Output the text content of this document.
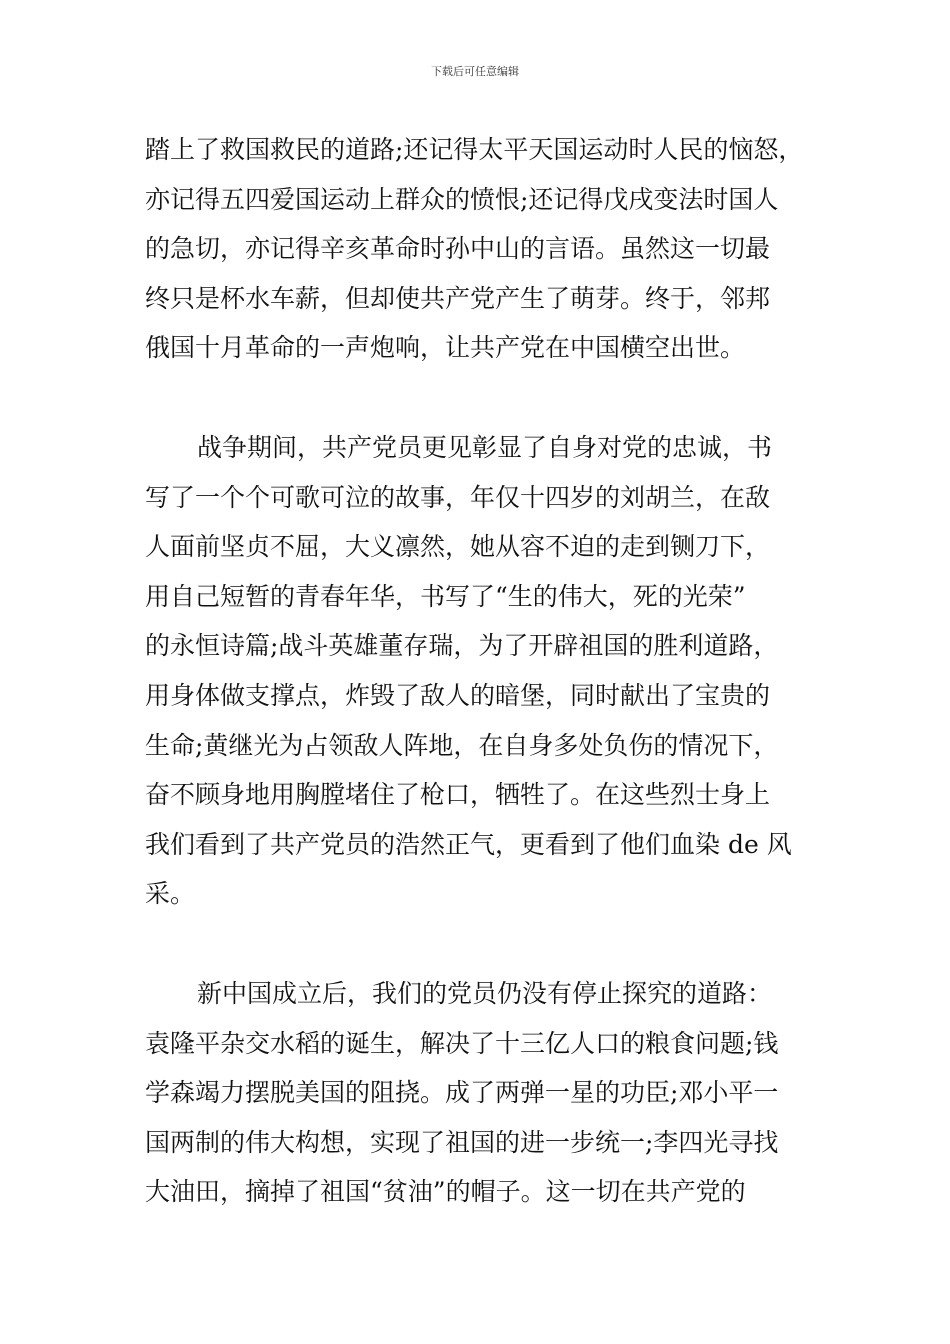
下载后可任意编辑
踏上了救国救民的道路;还记得太平天国运动时人民的恼怒，
亦记得五四爱国运动上群众的愤恨;还记得戊戌变法时国人
的急切，亦记得辛亥革命时孙中山的言语。虽然这一切最
终只是杯水车薪，但却使共产党产生了萌芽。终于，邻邦
俄国十月革命的一声炮响，让共产党在中国横空出世。
战争期间，共产党员更见彰显了自身对党的忠诚，书
写了一个个可歌可泣的故事，年仅十四岁的刘胡兰，在敌
人面前坚贞不屈，大义凛然，她从容不迫的走到铡刀下，
用自己短暂的青春年华，书写了“生的伟大，死的光荣”
的永恒诗篇;战斗英雄董存瑞，为了开辟祖国的胜利道路，
用身体做支撑点，炸毁了敌人的暗堡，同时献出了宝贵的
生命;黄继光为占领敌人阵地，在自身多处负伤的情况下，
奋不顾身地用胸膛堵住了枪口，牺牲了。在这些烈士身上
我们看到了共产党员的浩然正气，更看到了他们血染 de 风
采。
新中国成立后，我们的党员仍没有停止探究的道路：
袁隆平杂交水稻的诞生，解决了十三亿人口的粮食问题;钱
学森竭力摆脱美国的阻挠。成了两弹一星的功臣;邓小平一
国两制的伟大构想，实现了祖国的进一步统一;李四光寻找
大油田，摘掉了祖国“贫油”的帽子。这一切在共产党的
